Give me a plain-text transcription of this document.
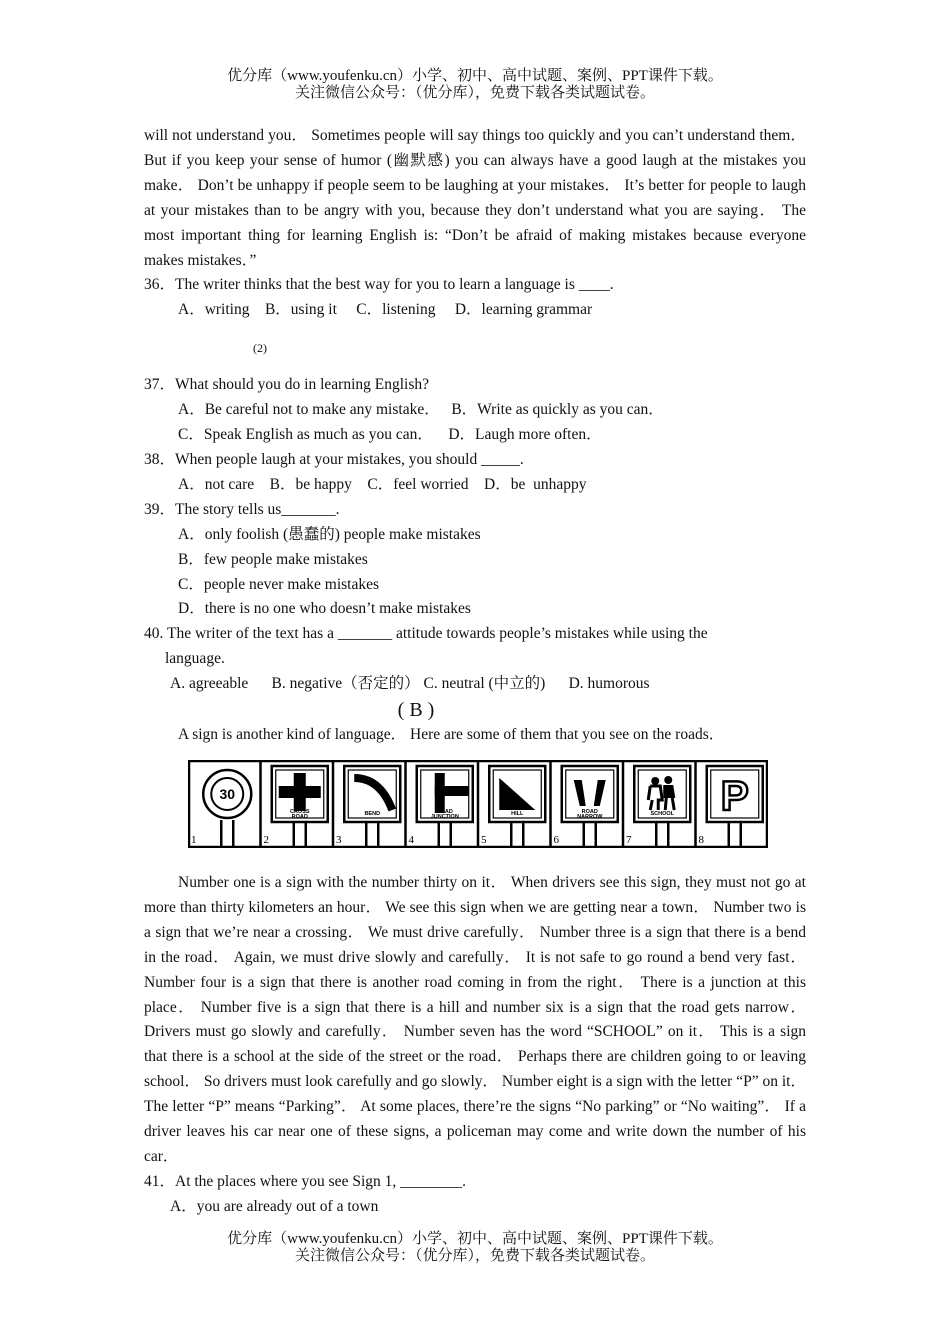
优分库（www.youfenku.cn）小学、初中、高中试题、案例、PPT课件下载。
关注微信公众号：（优分库），免费下载各类试题试卷。
will not understand you． Sometimes people will say things too quickly and you can’t understand them． But if you keep your sense of humor (幽默感) you can always have a good laugh at the mistakes you make． Don’t be unhappy if people seem to be laughing at your mistakes． It’s better for people to laugh at your mistakes than to be angry with you, because they don’t understand what you are saying． The most important thing for learning English is: “Don’t be afraid of making mistakes because everyone makes mistakes．”
36．The writer thinks that the best way for you to learn a language is ____.
A．writing    B．using it     C．listening     D．learning grammar
(2)
37．What should you do in learning English?
A．Be careful not to make any mistake．   B．Write as quickly as you can．
C．Speak English as much as you can．    D．Laugh more often．
38．When people laugh at your mistakes, you should _____.
A．not care    B．be happy    C．feel worried    D．be  unhappy
39．The story tells us_______.
A．only foolish (愚蠢的) people make mistakes
B．few people make mistakes
C．people never make mistakes
D．there is no one who doesn’t make mistakes
40. The writer of the text has a _______ attitude towards people’s mistakes while using the
language.
A. agreeable      B. negative（否定的） C. neutral (中立的)      D. humorous
( B )
A sign is another kind of language． Here are some of them that you see on the roads．
1
30
2
CROSS
ROAD
3
BEND
4
ROAD
JUNCTION
5
HILL
6
ROAD
NARROW
7
SCHOOL
8
P
Number one is a sign with the number thirty on it． When drivers see this sign, they must not go at more than thirty kilometers an hour． We see this sign when we are getting near a town． Number two is a sign that we’re near a crossing． We must drive carefully． Number three is a sign that there is a bend in the road． Again, we must drive slowly and carefully． It is not safe to go round a bend very fast． Number four is a sign that there is another road coming in from the right． There is a junction at this place． Number five is a sign that there is a hill and number six is a sign that the road gets narrow． Drivers must go slowly and carefully． Number seven has the word “SCHOOL” on it． This is a sign that there is a school at the side of the street or the road． Perhaps there are children going to or leaving school． So drivers must look carefully and go slowly． Number eight is a sign with the letter “P” on it． The letter “P” means “Parking”． At some places, there’re the signs “No parking” or “No waiting”． If a driver leaves his car near one of these signs, a policeman may come and write down the number of his car．
41．At the places where you see Sign 1, ________.
A．you are already out of a town
优分库（www.youfenku.cn）小学、初中、高中试题、案例、PPT课件下载。
关注微信公众号：（优分库），免费下载各类试题试卷。
